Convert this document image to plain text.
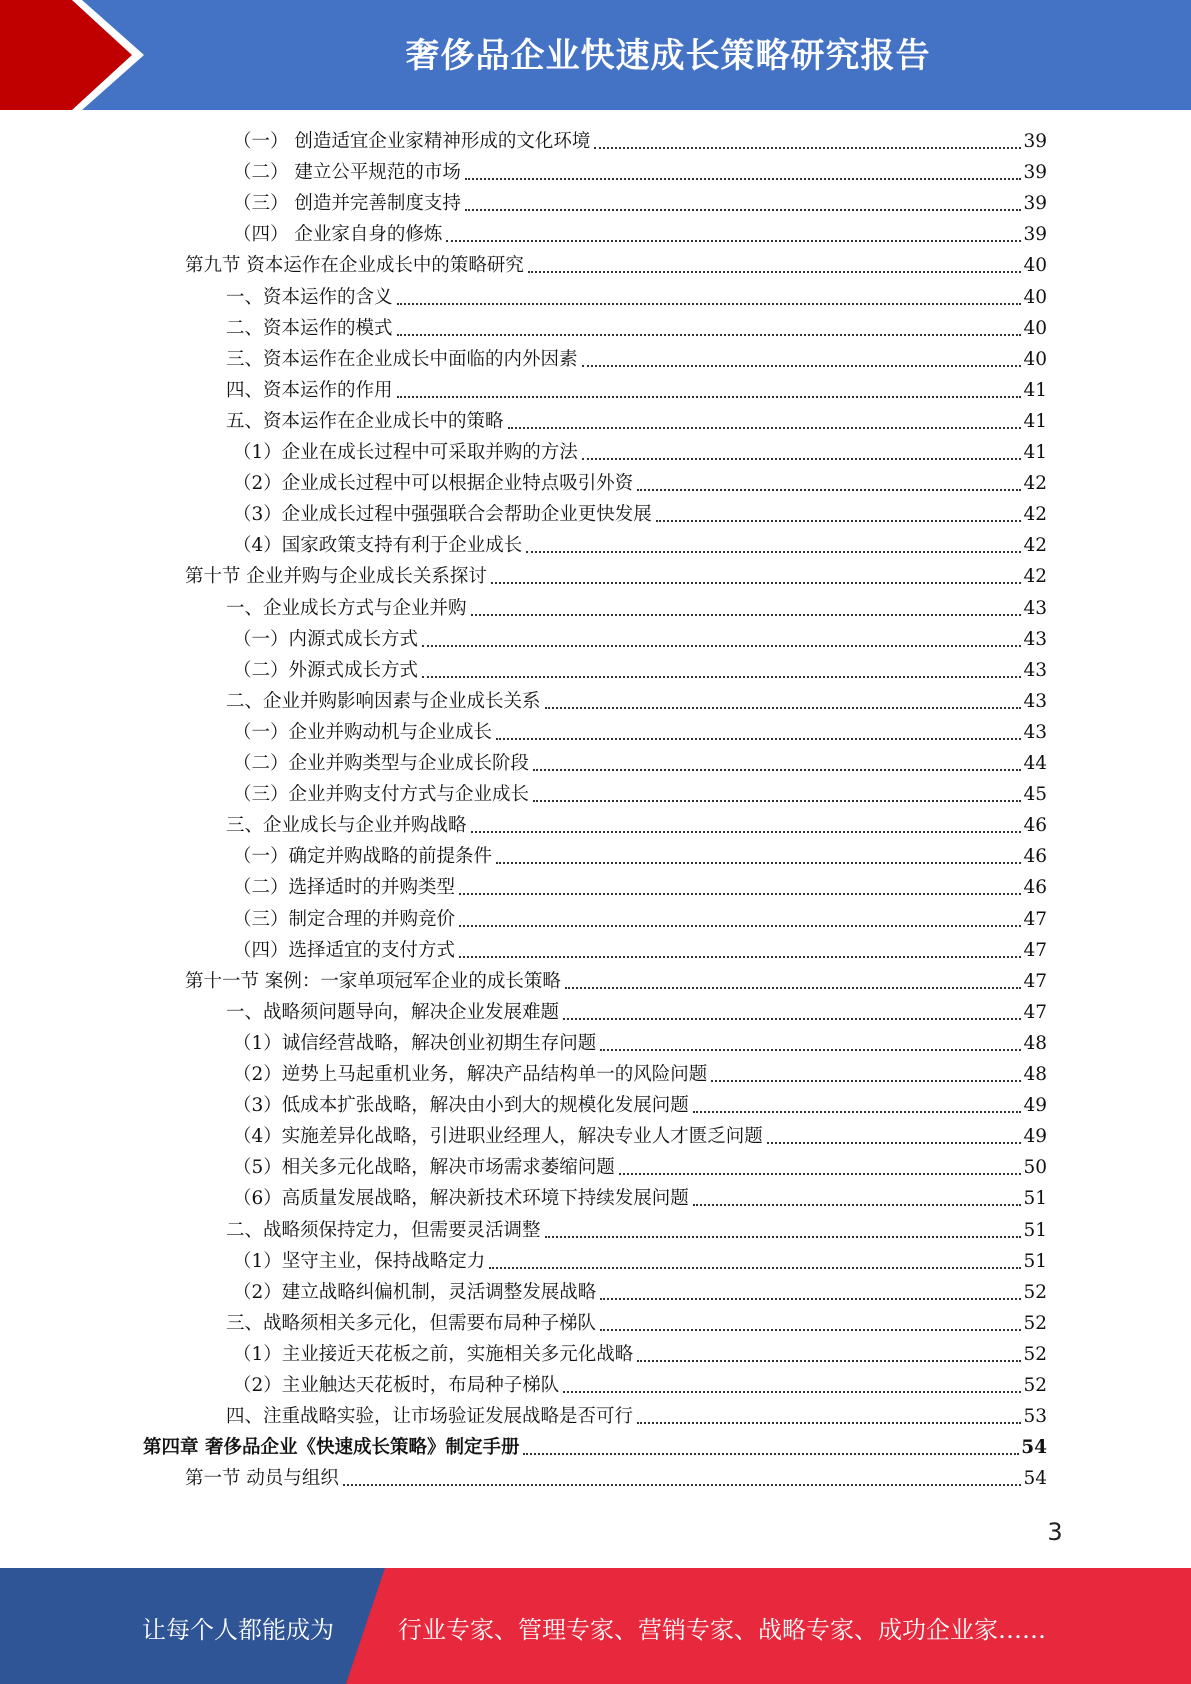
奢侈品企业快速成长策略研究报告
（一） 创造适宜企业家精神形成的文化环境	39
（二） 建立公平规范的市场	39
（三） 创造并完善制度支持	39
（四） 企业家自身的修炼	39
第九节 资本运作在企业成长中的策略研究	40
一、资本运作的含义	40
二、资本运作的模式	40
三、资本运作在企业成长中面临的内外因素	40
四、资本运作的作用	41
五、资本运作在企业成长中的策略	41
（1）企业在成长过程中可采取并购的方法	41
（2）企业成长过程中可以根据企业特点吸引外资	42
（3）企业成长过程中强强联合会帮助企业更快发展	42
（4）国家政策支持有利于企业成长	42
第十节 企业并购与企业成长关系探讨	42
一、企业成长方式与企业并购	43
（一）内源式成长方式	43
（二）外源式成长方式	43
二、企业并购影响因素与企业成长关系	43
（一）企业并购动机与企业成长	43
（二）企业并购类型与企业成长阶段	44
（三）企业并购支付方式与企业成长	45
三、企业成长与企业并购战略	46
（一）确定并购战略的前提条件	46
（二）选择适时的并购类型	46
（三）制定合理的并购竞价	47
（四）选择适宜的支付方式	47
第十一节 案例：一家单项冠军企业的成长策略	47
一、战略须问题导向，解决企业发展难题	47
（1）诚信经营战略，解决创业初期生存问题	48
（2）逆势上马起重机业务，解决产品结构单一的风险问题	48
（3）低成本扩张战略，解决由小到大的规模化发展问题	49
（4）实施差异化战略，引进职业经理人，解决专业人才匮乏问题	49
（5）相关多元化战略，解决市场需求萎缩问题	50
（6）高质量发展战略，解决新技术环境下持续发展问题	51
二、战略须保持定力，但需要灵活调整	51
（1）坚守主业，保持战略定力	51
（2）建立战略纠偏机制，灵活调整发展战略	52
三、战略须相关多元化，但需要布局种子梯队	52
（1）主业接近天花板之前，实施相关多元化战略	52
（2）主业触达天花板时，布局种子梯队	52
四、注重战略实验，让市场验证发展战略是否可行	53
第四章 奢侈品企业《快速成长策略》制定手册	54
第一节 动员与组织	54
3
让每个人都能成为	行业专家、管理专家、营销专家、战略专家、成功企业家……
